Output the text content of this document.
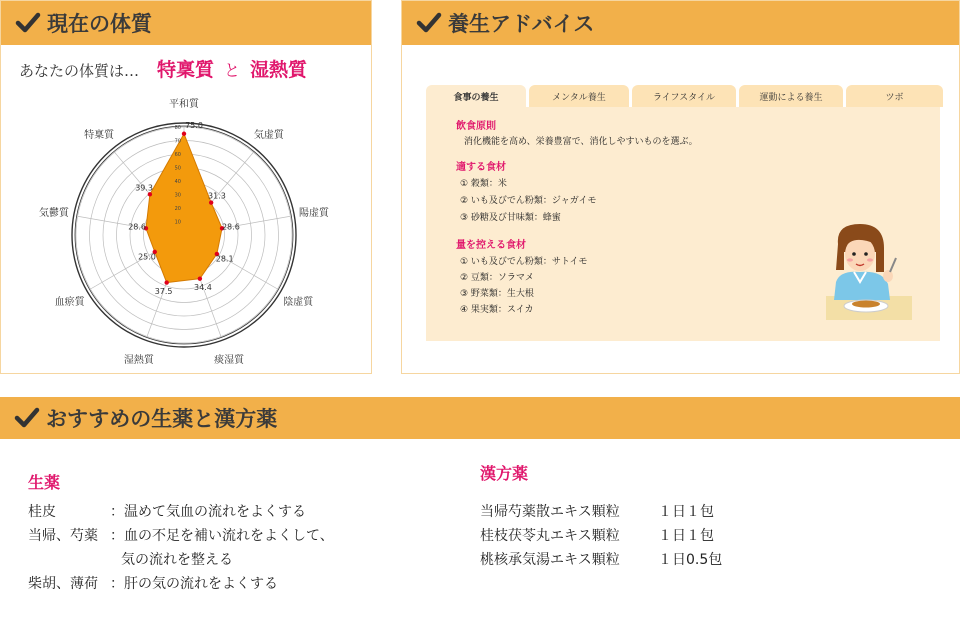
現在の体質
あなたの体質は… 特稟質 と 湿熱質
10
20
30
40
50
60
70
80 75.0
31.3
28.6
28.1
34.4
37.5
25.0
28.6
39.3
平和質
気虚質
陽虚質
陰虚質
痰湿質
湿熱質
血瘀質
気鬱質
特稟質
養生アドバイス
食事の養生	メンタル養生	ライフスタイル	運動による養生	ツボ
飲食原則
消化機能を高め、栄養豊富で、消化しやすいものを選ぶ。
適する食材
① 穀類：米
② いも及びでん粉類：ジャガイモ
③ 砂糖及び甘味類：蜂蜜
量を控える食材
① いも及びでん粉類：サトイモ
② 豆類：ソラマメ
③ 野菜類：生大根
④ 果実類：スイカ
おすすめの生薬と漢方薬
生薬
桂皮	：温めて気血の流れをよくする
当帰、芍薬 ：血の不足を補い流れをよくして、
気の流れを整える
柴胡、薄荷 ：肝の気の流れをよくする
漢方薬
当帰芍薬散エキス顆粒	１日１包
桂枝茯苓丸エキス顆粒	１日１包
桃核承気湯エキス顆粒	１日0.5包
